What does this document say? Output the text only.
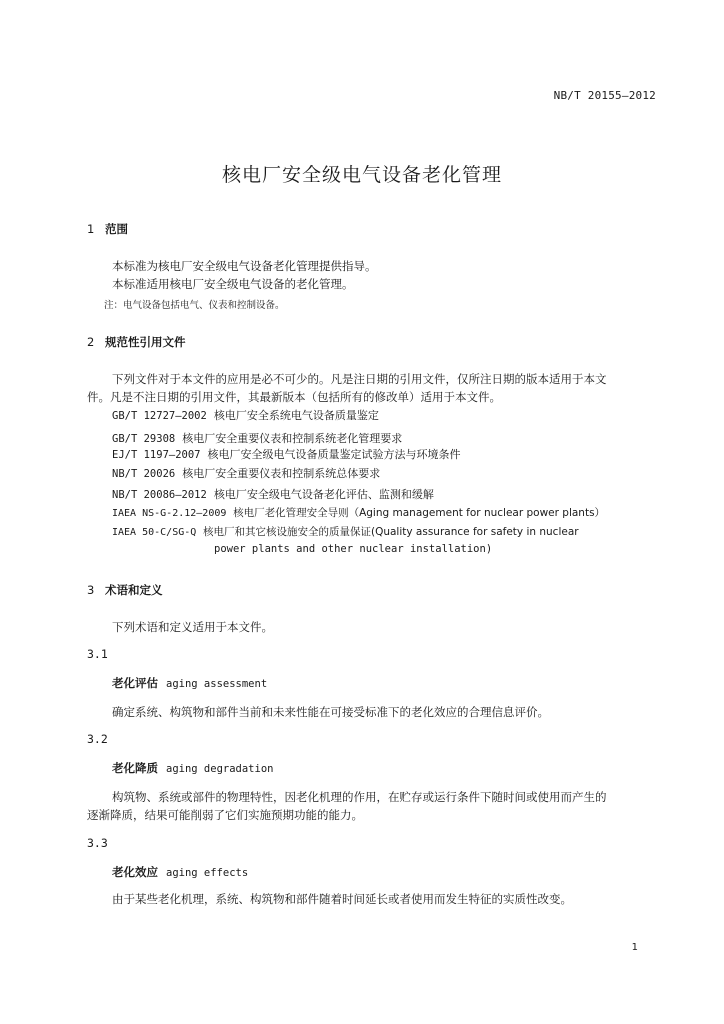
NB/T 20155—2012
核电厂安全级电气设备老化管理
1 范围
本标准为核电厂安全级电气设备老化管理提供指导。
本标准适用核电厂安全级电气设备的老化管理。
注：电气设备包括电气、仪表和控制设备。
2 规范性引用文件
下列文件对于本文件的应用是必不可少的。凡是注日期的引用文件，仅所注日期的版本适用于本文
件。凡是不注日期的引用文件，其最新版本（包括所有的修改单）适用于本文件。
GB/T 12727—2002 核电厂安全系统电气设备质量鉴定
GB/T 29308 核电厂安全重要仪表和控制系统老化管理要求
EJ/T 1197—2007 核电厂安全级电气设备质量鉴定试验方法与环境条件
NB/T 20026 核电厂安全重要仪表和控制系统总体要求
NB/T 20086—2012 核电厂安全级电气设备老化评估、监测和缓解
IAEA NS-G-2.12—2009 核电厂老化管理安全导则（Aging management for nuclear power plants）
IAEA 50-C/SG-Q 核电厂和其它核设施安全的质量保证(Quality assurance for safety in nuclear
power plants and other nuclear installation)
3 术语和定义
下列术语和定义适用于本文件。
3.1
老化评估 aging assessment
确定系统、构筑物和部件当前和未来性能在可接受标准下的老化效应的合理信息评价。
3.2
老化降质 aging degradation
构筑物、系统或部件的物理特性，因老化机理的作用，在贮存或运行条件下随时间或使用而产生的
逐渐降质，结果可能削弱了它们实施预期功能的能力。
3.3
老化效应 aging effects
由于某些老化机理，系统、构筑物和部件随着时间延长或者使用而发生特征的实质性改变。
1
